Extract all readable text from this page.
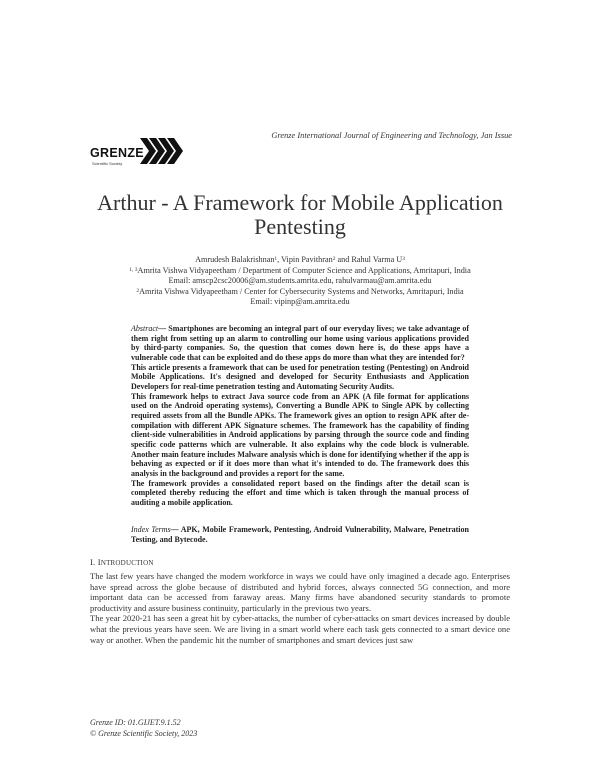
Grenze International Journal of Engineering and Technology, Jan Issue
GRENZE
Scientific Society
Arthur - A Framework for Mobile Application
Pentesting
Amrudesh Balakrishnan$^1$, Vipin Pavithran$^2$ and Rahul Varma $U^3$
$^{1, 3}$Amrita Vishwa Vidyapeetham / Department of Computer Science and Applications, Amritapuri, India
Email: amscp2csc20006@am.students.amrita.edu, rahulvarmau@am.amrita.edu
$^2$Amrita Vishwa Vidyapeetham / Center for Cybersecurity Systems and Networks, Amritapuri, India
Email: vipinp@am.amrita.edu

Abstract— Smartphones are becoming an integral part of our everyday lives; we take advantage of them right from setting up an alarm to controlling our home using various applications provided by third-party companies. So, the question that comes down here is, do these apps have a vulnerable code that can be exploited and do these apps do more than what they are intended for?

This article presents a framework that can be used for penetration testing (Pentesting) on Android Mobile Applications. It's designed and developed for Security Enthusiasts and Application Developers for real-time penetration testing and Automating Security Audits.

This framework helps to extract Java source code from an APK (A file format for applications used on the Android operating systems), Converting a Bundle APK to Single APK by collecting required assets from all the Bundle APKs. The framework gives an option to resign APK after de-compilation with different APK Signature schemes. The framework has the capability of finding client-side vulnerabilities in Android applications by parsing through the source code and finding specific code patterns which are vulnerable. It also explains why the code block is vulnerable. Another main feature includes Malware analysis which is done for identifying whether if the app is behaving as expected or if it does more than what it's intended to do. The framework does this analysis in the background and provides a report for the same.

The framework provides a consolidated report based on the findings after the detail scan is completed thereby reducing the effort and time which is taken through the manual process of auditing a mobile application.

Index Terms— APK, Mobile Framework, Pentesting, Android Vulnerability, Malware, Penetration Testing, and Bytecode.
I. INTRODUCTION

The last few years have changed the modern workforce in ways we could have only imagined a decade ago. Enterprises have spread across the globe because of distributed and hybrid forces, always connected 5G connection, and more important data can be accessed from faraway areas. Many firms have abandoned security standards to promote productivity and assure business continuity, particularly in the previous two years.

The year 2020-21 has seen a great hit by cyber-attacks, the number of cyber-attacks on smart devices increased by double what the previous years have seen. We are living in a smart world where each task gets connected to a smart device one way or another. When the pandemic hit the number of smartphones and smart devices just saw

Grenze ID: 01.GIJET.9.1.52
© Grenze Scientific Society, 2023
